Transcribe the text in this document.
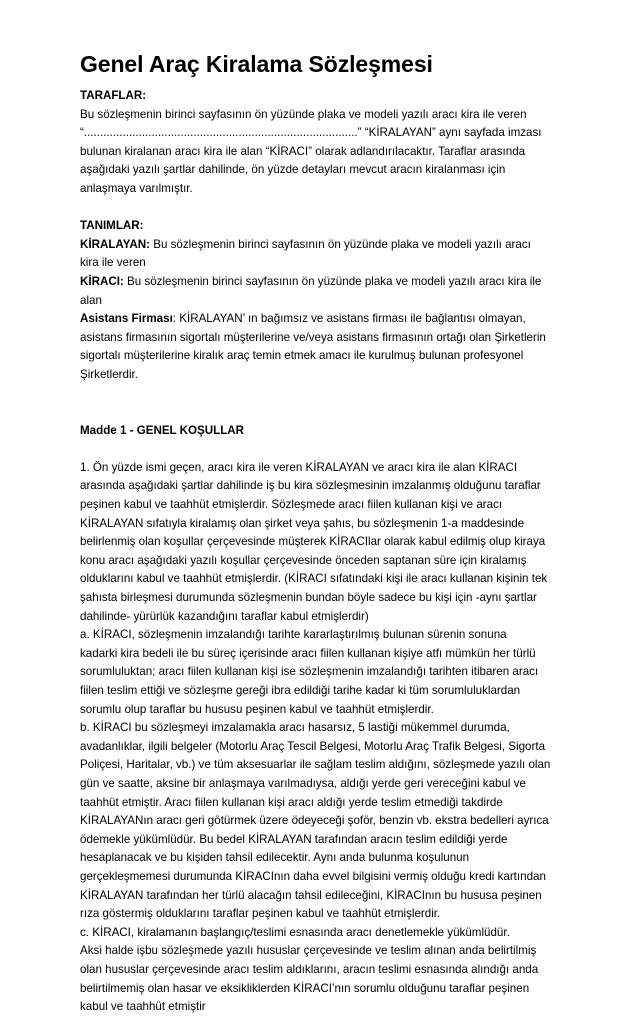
Genel Araç Kiralama Sözleşmesi
TARAFLAR:
Bu sözleşmenin birinci sayfasının ön yüzünde plaka ve modeli yazılı aracı kira ile veren
“.....................................................................................” “KİRALAYAN” aynı sayfada imzası
bulunan kiralanan aracı kira ile alan “KİRACI” olarak adlandırılacaktır. Taraflar arasında
aşağıdaki yazılı şartlar dahilinde, ön yüzde detayları mevcut aracın kiralanması için
anlaşmaya varılmıştır.
TANIMLAR:
KİRALAYAN: Bu sözleşmenin birinci sayfasının ön yüzünde plaka ve modeli yazılı aracı
kira ile veren
KİRACI: Bu sözleşmenin birinci sayfasının ön yüzünde plaka ve modeli yazılı aracı kira ile
alan
Asistans Firması: KİRALAYAN’ ın bağımsız ve asistans firması ile bağlantısı olmayan,
asistans firmasının sigortalı müşterilerine ve/veya asistans firmasının ortağı olan Şirketlerin
sigortalı müşterilerine kiralık araç temin etmek amacı ile kurulmuş bulunan profesyonel
Şirketlerdir.
Madde 1 - GENEL KOŞULLAR
1. Ön yüzde ismi geçen, aracı kira ile veren KİRALAYAN ve aracı kira ile alan KİRACI
arasında aşağıdaki şartlar dahilinde iş bu kira sözleşmesinin imzalanmış olduğunu taraflar
peşinen kabul ve taahhüt etmişlerdir. Sözleşmede aracı fiilen kullanan kişi ve aracı
KİRALAYAN sıfatıyla kiralamış olan şirket veya şahıs, bu sözleşmenin 1-a maddesinde
belirlenmiş olan koşullar çerçevesinde müşterek KİRACIlar olarak kabul edilmiş olup kiraya
konu aracı aşağıdaki yazılı koşullar çerçevesinde önceden saptanan süre için kiralamış
olduklarını kabul ve taahhüt etmişlerdir. (KİRACI sıfatındaki kişi ile aracı kullanan kişinin tek
şahısta birleşmesi durumunda sözleşmenin bundan böyle sadece bu kişi için -aynı şartlar
dahilinde- yürürlük kazandığını taraflar kabul etmişlerdir)
a. KİRACI, sözleşmenin imzalandığı tarihte kararlaştırılmış bulunan sürenin sonuna
kadarki kira bedeli ile bu süreç içerisinde aracı fiilen kullanan kişiye atfı mümkün her türlü
sorumluluktan; aracı fiilen kullanan kişi ise sözleşmenin imzalandığı tarihten itibaren aracı
fiilen teslim ettiği ve sözleşme gereği ibra edildiği tarihe kadar ki tüm sorumluluklardan
sorumlu olup taraflar bu hususu peşinen kabul ve taahhüt etmişlerdir.
b. KİRACI bu sözleşmeyi imzalamakla aracı hasarsız, 5 lastiği mükemmel durumda,
avadanlıklar, ilgili belgeler (Motorlu Araç Tescil Belgesi, Motorlu Araç Trafik Belgesi, Sigorta
Poliçesi, Haritalar, vb.) ve tüm aksesuarlar ile sağlam teslim aldığını, sözleşmede yazılı olan
gün ve saatte, aksine bir anlaşmaya varılmadıysa, aldığı yerde geri vereceğini kabul ve
taahhüt etmiştir. Aracı fiilen kullanan kişi aracı aldığı yerde teslim etmediği takdirde
KİRALAYANın aracı geri götürmek üzere ödeyeceği şoför, benzin vb. ekstra bedelleri ayrıca
ödemekle yükümlüdür. Bu bedel KİRALAYAN tarafından aracın teslim edildiği yerde
hesaplanacak ve bu kişiden tahsil edilecektir. Aynı anda bulunma koşulunun
gerçekleşmemesi durumunda KİRACInın daha evvel bilgisini vermiş olduğu kredi kartından
KİRALAYAN tarafından her türlü alacağın tahsil edileceğini, KİRACInın bu hususa peşinen
rıza göstermiş olduklarını taraflar peşinen kabul ve taahhüt etmişlerdir.
c. KİRACI, kiralamanın başlangıç/teslimi esnasında aracı denetlemekle yükümlüdür.
Aksi halde işbu sözleşmede yazılı hususlar çerçevesinde ve teslim alınan anda belirtilmiş
olan hususlar çerçevesinde aracı teslim aldıklarını, aracın teslimi esnasında alındığı anda
belirtilmemiş olan hasar ve eksikliklerden KİRACI’nın sorumlu olduğunu taraflar peşinen
kabul ve taahhüt etmiştir
